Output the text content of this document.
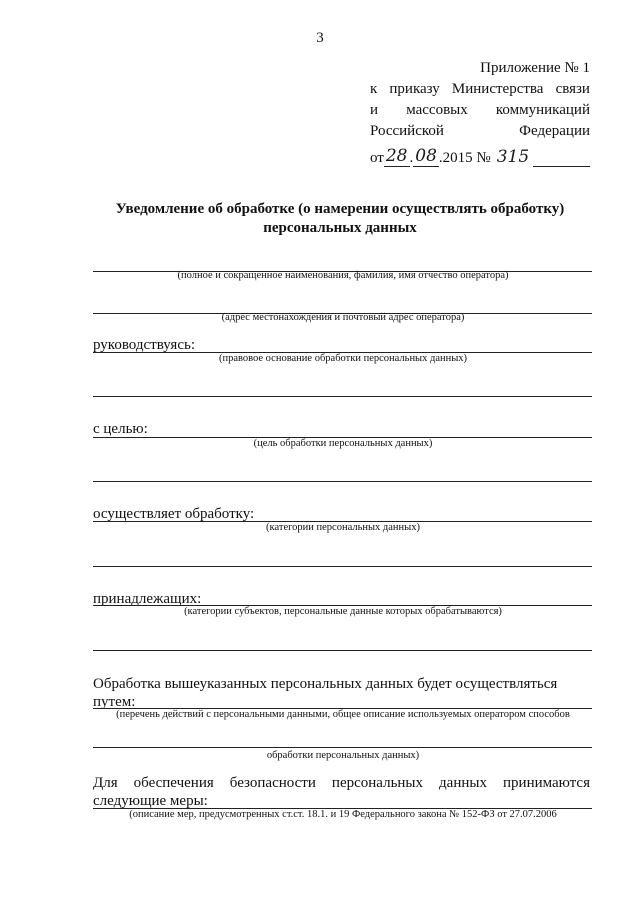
3
Приложение № 1
к приказу Министерства связи
и массовых коммуникаций
Российской	Федерации
от 28 . 08 .2015 № 315
Уведомление об обработке (о намерении осуществлять обработку)
персональных данных
(полное и сокращенное наименования, фамилия, имя отчество оператора)
(адрес местонахождения и почтовый адрес оператора)
руководствуясь:
(правовое основание обработки персональных данных)
с целью:
(цель обработки персональных данных)
осуществляет обработку:
(категории персональных данных)
принадлежащих:
(категории субъектов, персональные данные которых обрабатываются)
Обработка вышеуказанных персональных данных будет осуществляться
путем:
(перечень действий с персональными данными, общее описание используемых оператором способов
обработки персональных данных)
Для обеспечения безопасности персональных данных принимаются
следующие меры:
(описание мер, предусмотренных ст.ст. 18.1. и 19 Федерального закона № 152-ФЗ от 27.07.2006
